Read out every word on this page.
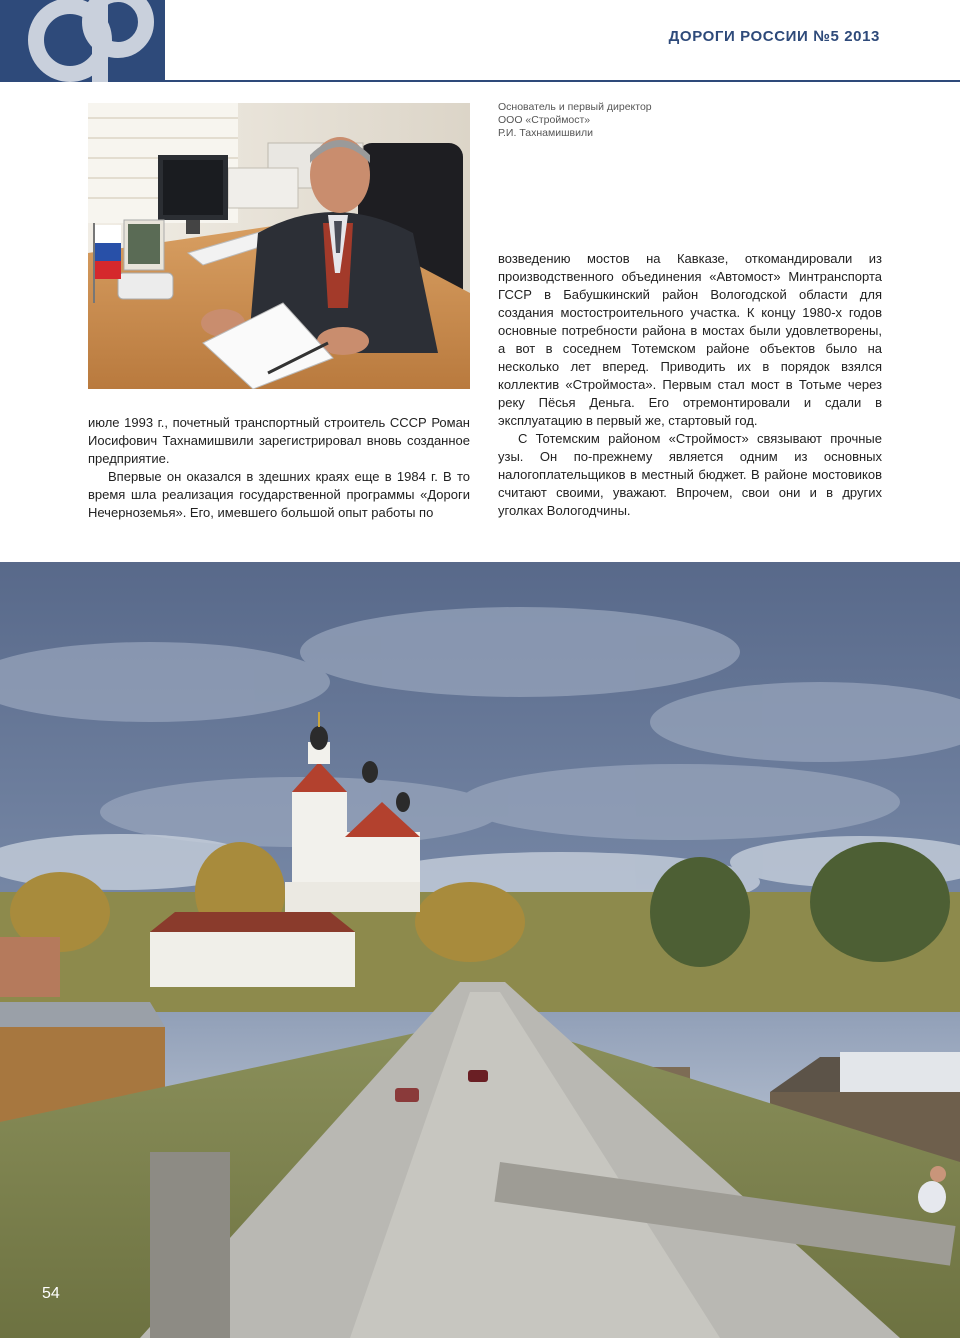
ДОРОГИ РОССИИ №5 2013
Основатель и первый директор
ООО «Строймост»
Р.И. Тахнамишвили

июле 1993 г., почетный транспортный строитель СССР Роман Иосифович Тахнамишвили зарегистрировал вновь созданное предприятие.

Впервые он оказался в здешних краях еще в 1984 г. В то время шла реализация государственной программы «Дороги Нечерноземья». Его, имевшего большой опыт работы по

возведению мостов на Кавказе, откомандировали из производственного объединения «Автомост» Минтранспорта ГССР в Бабушкинский район Вологодской области для создания мостостроительного участка. К концу 1980-х годов основные потребности района в мостах были удовлетворены, а вот в соседнем Тотемском районе объектов было на несколько лет вперед. Приводить их в порядок взялся коллектив «Строймоста». Первым стал мост в Тотьме через реку Пёсья Деньга. Его отремонтировали и сдали в эксплуатацию в первый же, стартовый год.

С Тотемским районом «Строймост» связывают прочные узы. Он по-прежнему является одним из основных налогоплательщиков в местный бюджет. В районе мостовиков считают своими, уважают. Впрочем, свои они и в других уголках Вологодчины.

54
